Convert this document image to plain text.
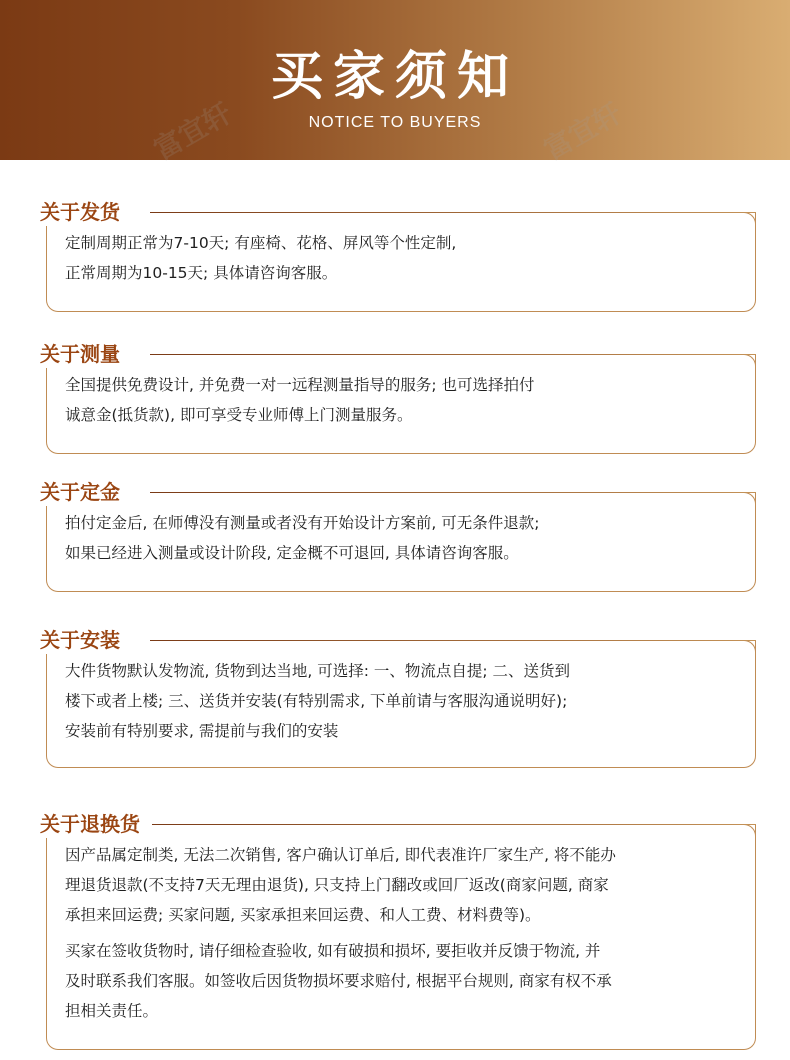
买家须知
NOTICE TO BUYERS
富宜轩	富宜轩
关于发货

定制周期正常为7-10天; 有座椅、花格、屏风等个性定制,
正常周期为10-15天; 具体请咨询客服。

关于测量

全国提供免费设计, 并免费一对一远程测量指导的服务; 也可选择拍付
诚意金(抵货款), 即可享受专业师傅上门测量服务。

关于定金

拍付定金后, 在师傅没有测量或者没有开始设计方案前, 可无条件退款;
如果已经进入测量或设计阶段, 定金概不可退回, 具体请咨询客服。

关于安装

大件货物默认发物流, 货物到达当地, 可选择: 一、物流点自提; 二、送货到
楼下或者上楼; 三、送货并安装(有特别需求, 下单前请与客服沟通说明好);
安装前有特别要求, 需提前与我们的安装

关于退换货

因产品属定制类, 无法二次销售, 客户确认订单后, 即代表准许厂家生产, 将不能办
理退货退款(不支持7天无理由退货), 只支持上门翻改或回厂返改(商家问题, 商家
承担来回运费; 买家问题, 买家承担来回运费、和人工费、材料费等)。

买家在签收货物时, 请仔细检查验收, 如有破损和损坏, 要拒收并反馈于物流, 并
及时联系我们客服。如签收后因货物损坏要求赔付, 根据平台规则, 商家有权不承
担相关责任。
